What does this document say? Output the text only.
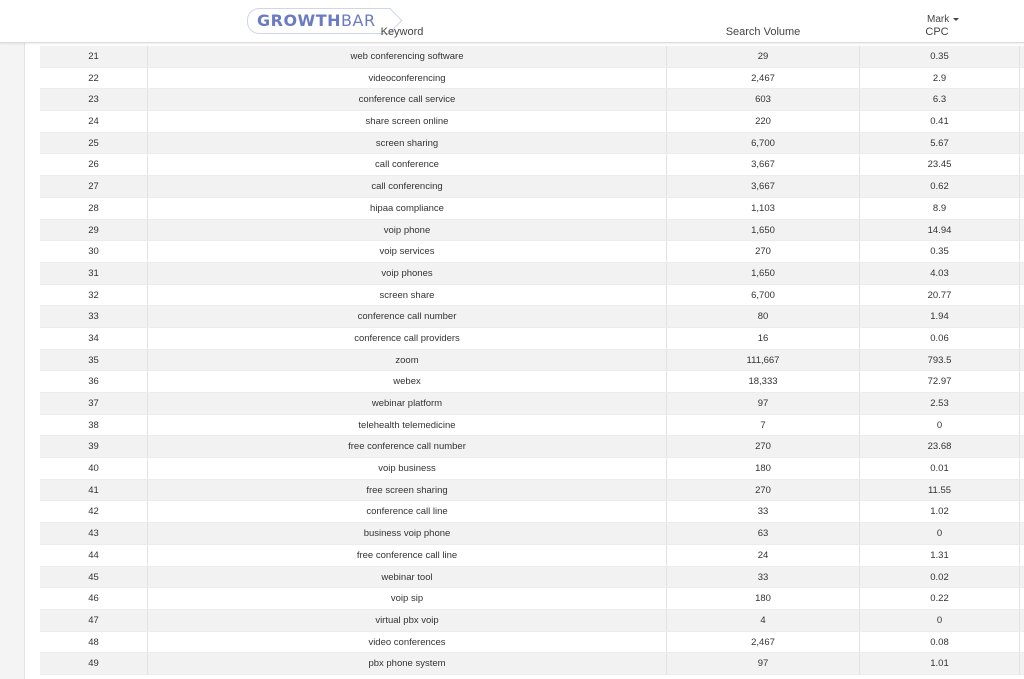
GROWTHBAR	Mark
Keyword	Search Volume	CPC
21	web conferencing software	29	0.35
22	videoconferencing	2,467	2.9
23	conference call service	603	6.3
24	share screen online	220	0.41
25	screen sharing	6,700	5.67
26	call conference	3,667	23.45
27	call conferencing	3,667	0.62
28	hipaa compliance	1,103	8.9
29	voip phone	1,650	14.94
30	voip services	270	0.35
31	voip phones	1,650	4.03
32	screen share	6,700	20.77
33	conference call number	80	1.94
34	conference call providers	16	0.06
35	zoom	111,667	793.5
36	webex	18,333	72.97
37	webinar platform	97	2.53
38	telehealth telemedicine	7	0
39	free conference call number	270	23.68
40	voip business	180	0.01
41	free screen sharing	270	11.55
42	conference call line	33	1.02
43	business voip phone	63	0
44	free conference call line	24	1.31
45	webinar tool	33	0.02
46	voip sip	180	0.22
47	virtual pbx voip	4	0
48	video conferences	2,467	0.08
49	pbx phone system	97	1.01
